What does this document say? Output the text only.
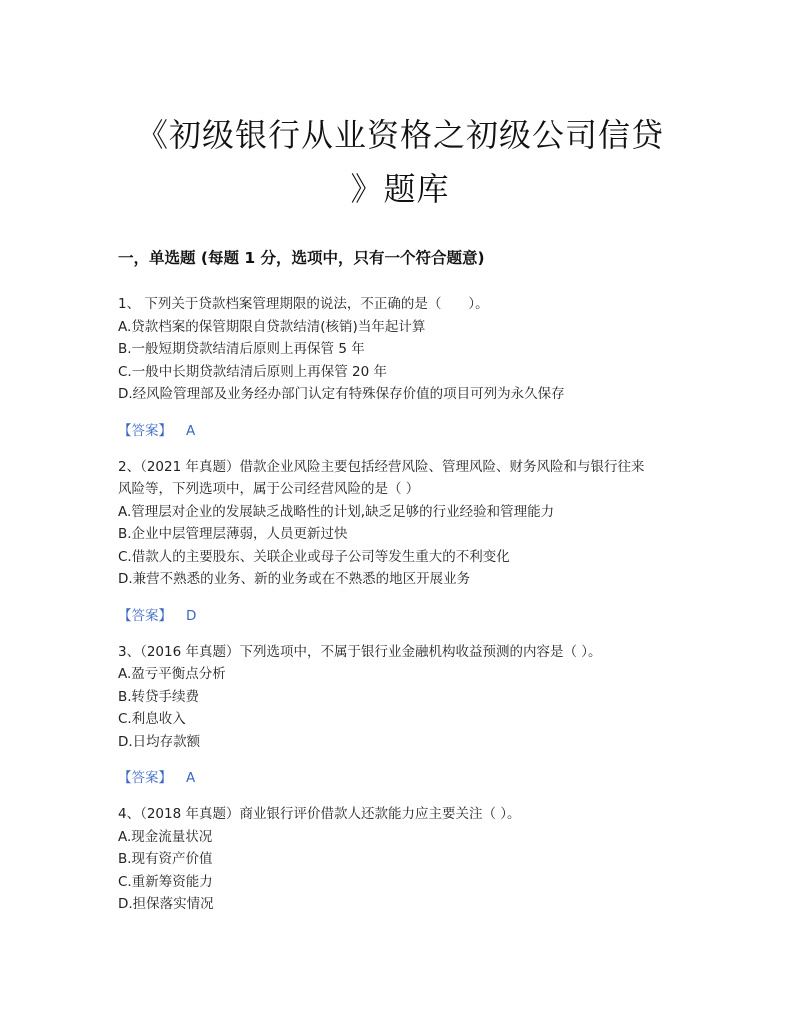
《初级银行从业资格之初级公司信贷
》题库
一，单选题 (每题 1 分，选项中，只有一个符合题意)
1、 下列关于贷款档案管理期限的说法，不正确的是（　　）。
A.贷款档案的保管期限自贷款结清(核销)当年起计算
B.一般短期贷款结清后原则上再保管 5 年
C.一般中长期贷款结清后原则上再保管 20 年
D.经风险管理部及业务经办部门认定有特殊保存价值的项目可列为永久保存
【答案】 A
2、（2021 年真题）借款企业风险主要包括经营风险、管理风险、财务风险和与银行往来
风险等，下列选项中，属于公司经营风险的是（ ）
A.管理层对企业的发展缺乏战略性的计划,缺乏足够的行业经验和管理能力
B.企业中层管理层薄弱，人员更新过快
C.借款人的主要股东、关联企业或母子公司等发生重大的不利变化
D.兼营不熟悉的业务、新的业务或在不熟悉的地区开展业务
【答案】 D
3、（2016 年真题）下列选项中，不属于银行业金融机构收益预测的内容是（ ）。
A.盈亏平衡点分析
B.转贷手续费
C.利息收入
D.日均存款额
【答案】 A
4、（2018 年真题）商业银行评价借款人还款能力应主要关注（ ）。
A.现金流量状况
B.现有资产价值
C.重新筹资能力
D.担保落实情况
